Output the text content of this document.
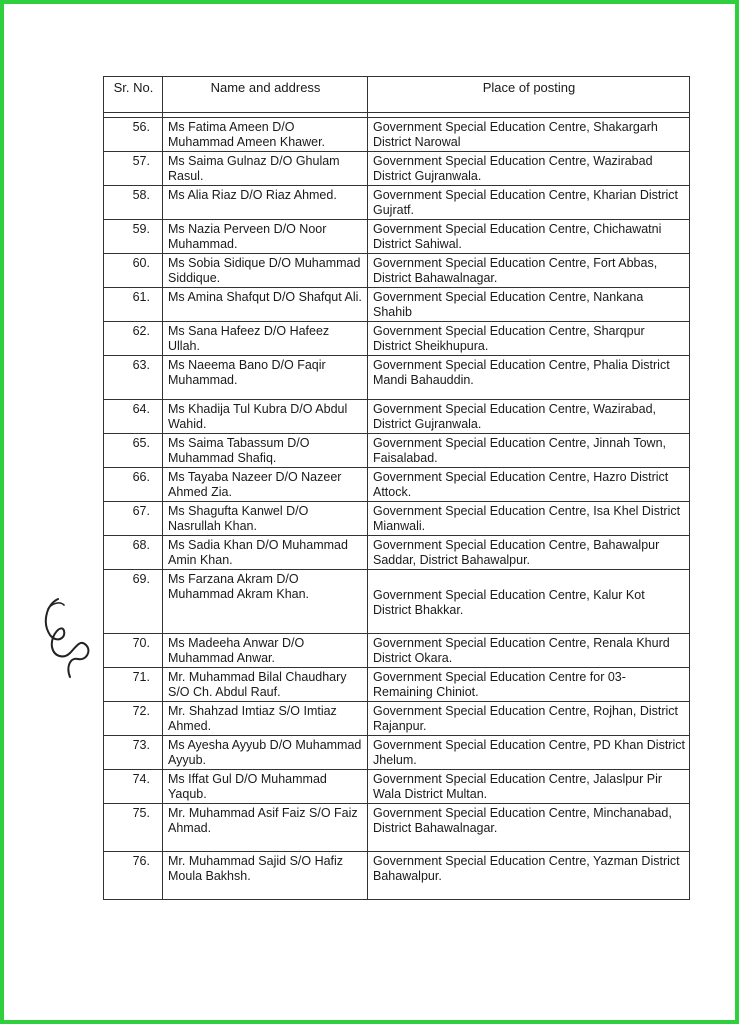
Sr. No.	Name and address	Place of posting

56.	Ms Fatima Ameen D/O Muhammad Ameen Khawer.	Government Special Education Centre, Shakargarh District Narowal
57.	Ms Saima Gulnaz D/O Ghulam Rasul.	Government Special Education Centre, Wazirabad District Gujranwala.
58.	Ms Alia Riaz D/O Riaz Ahmed.	Government Special Education Centre, Kharian District Gujratf.
59.	Ms Nazia Perveen D/O Noor Muhammad.	Government Special Education Centre, Chichawatni District Sahiwal.
60.	Ms Sobia Sidique D/O Muhammad Siddique.	Government Special Education Centre, Fort Abbas, District Bahawalnagar.
61.	Ms Amina Shafqut D/O Shafqut Ali.	Government Special Education Centre, Nankana Shahib
62.	Ms Sana Hafeez D/O Hafeez Ullah.	Government Special Education Centre, Sharqpur District Sheikhupura.
63.	Ms Naeema Bano D/O Faqir Muhammad.	Government Special Education Centre, Phalia District Mandi Bahauddin.
64.	Ms Khadija Tul Kubra D/O Abdul Wahid.	Government Special Education Centre, Wazirabad, District Gujranwala.
65.	Ms Saima Tabassum D/O Muhammad Shafiq.	Government Special Education Centre, Jinnah Town, Faisalabad.
66.	Ms Tayaba Nazeer D/O Nazeer Ahmed Zia.	Government Special Education Centre, Hazro District Attock.
67.	Ms Shagufta Kanwel D/O Nasrullah Khan.	Government Special Education Centre, Isa Khel District Mianwali.
68.	Ms Sadia Khan D/O Muhammad Amin Khan.	Government Special Education Centre, Bahawalpur Saddar, District Bahawalpur.
69.	Ms Farzana Akram D/O Muhammad Akram Khan.	Government Special Education Centre, Kalur Kot District Bhakkar.
70.	Ms Madeeha Anwar D/O Muhammad Anwar.	Government Special Education Centre, Renala Khurd District Okara.
71.	Mr. Muhammad Bilal Chaudhary S/O Ch. Abdul Rauf.	Government Special Education Centre for 03-Remaining Chiniot.
72.	Mr. Shahzad Imtiaz S/O Imtiaz Ahmed.	Government Special Education Centre, Rojhan, District Rajanpur.
73.	Ms Ayesha Ayyub D/O Muhammad Ayyub.	Government Special Education Centre, PD Khan District Jhelum.
74.	Ms Iffat Gul D/O Muhammad Yaqub.	Government Special Education Centre, Jalaslpur Pir Wala District Multan.
75.	Mr. Muhammad Asif Faiz S/O Faiz Ahmad.	Government Special Education Centre, Minchanabad, District Bahawalnagar.
76.	Mr. Muhammad Sajid S/O Hafiz Moula Bakhsh.	Government Special Education Centre, Yazman District Bahawalpur.
